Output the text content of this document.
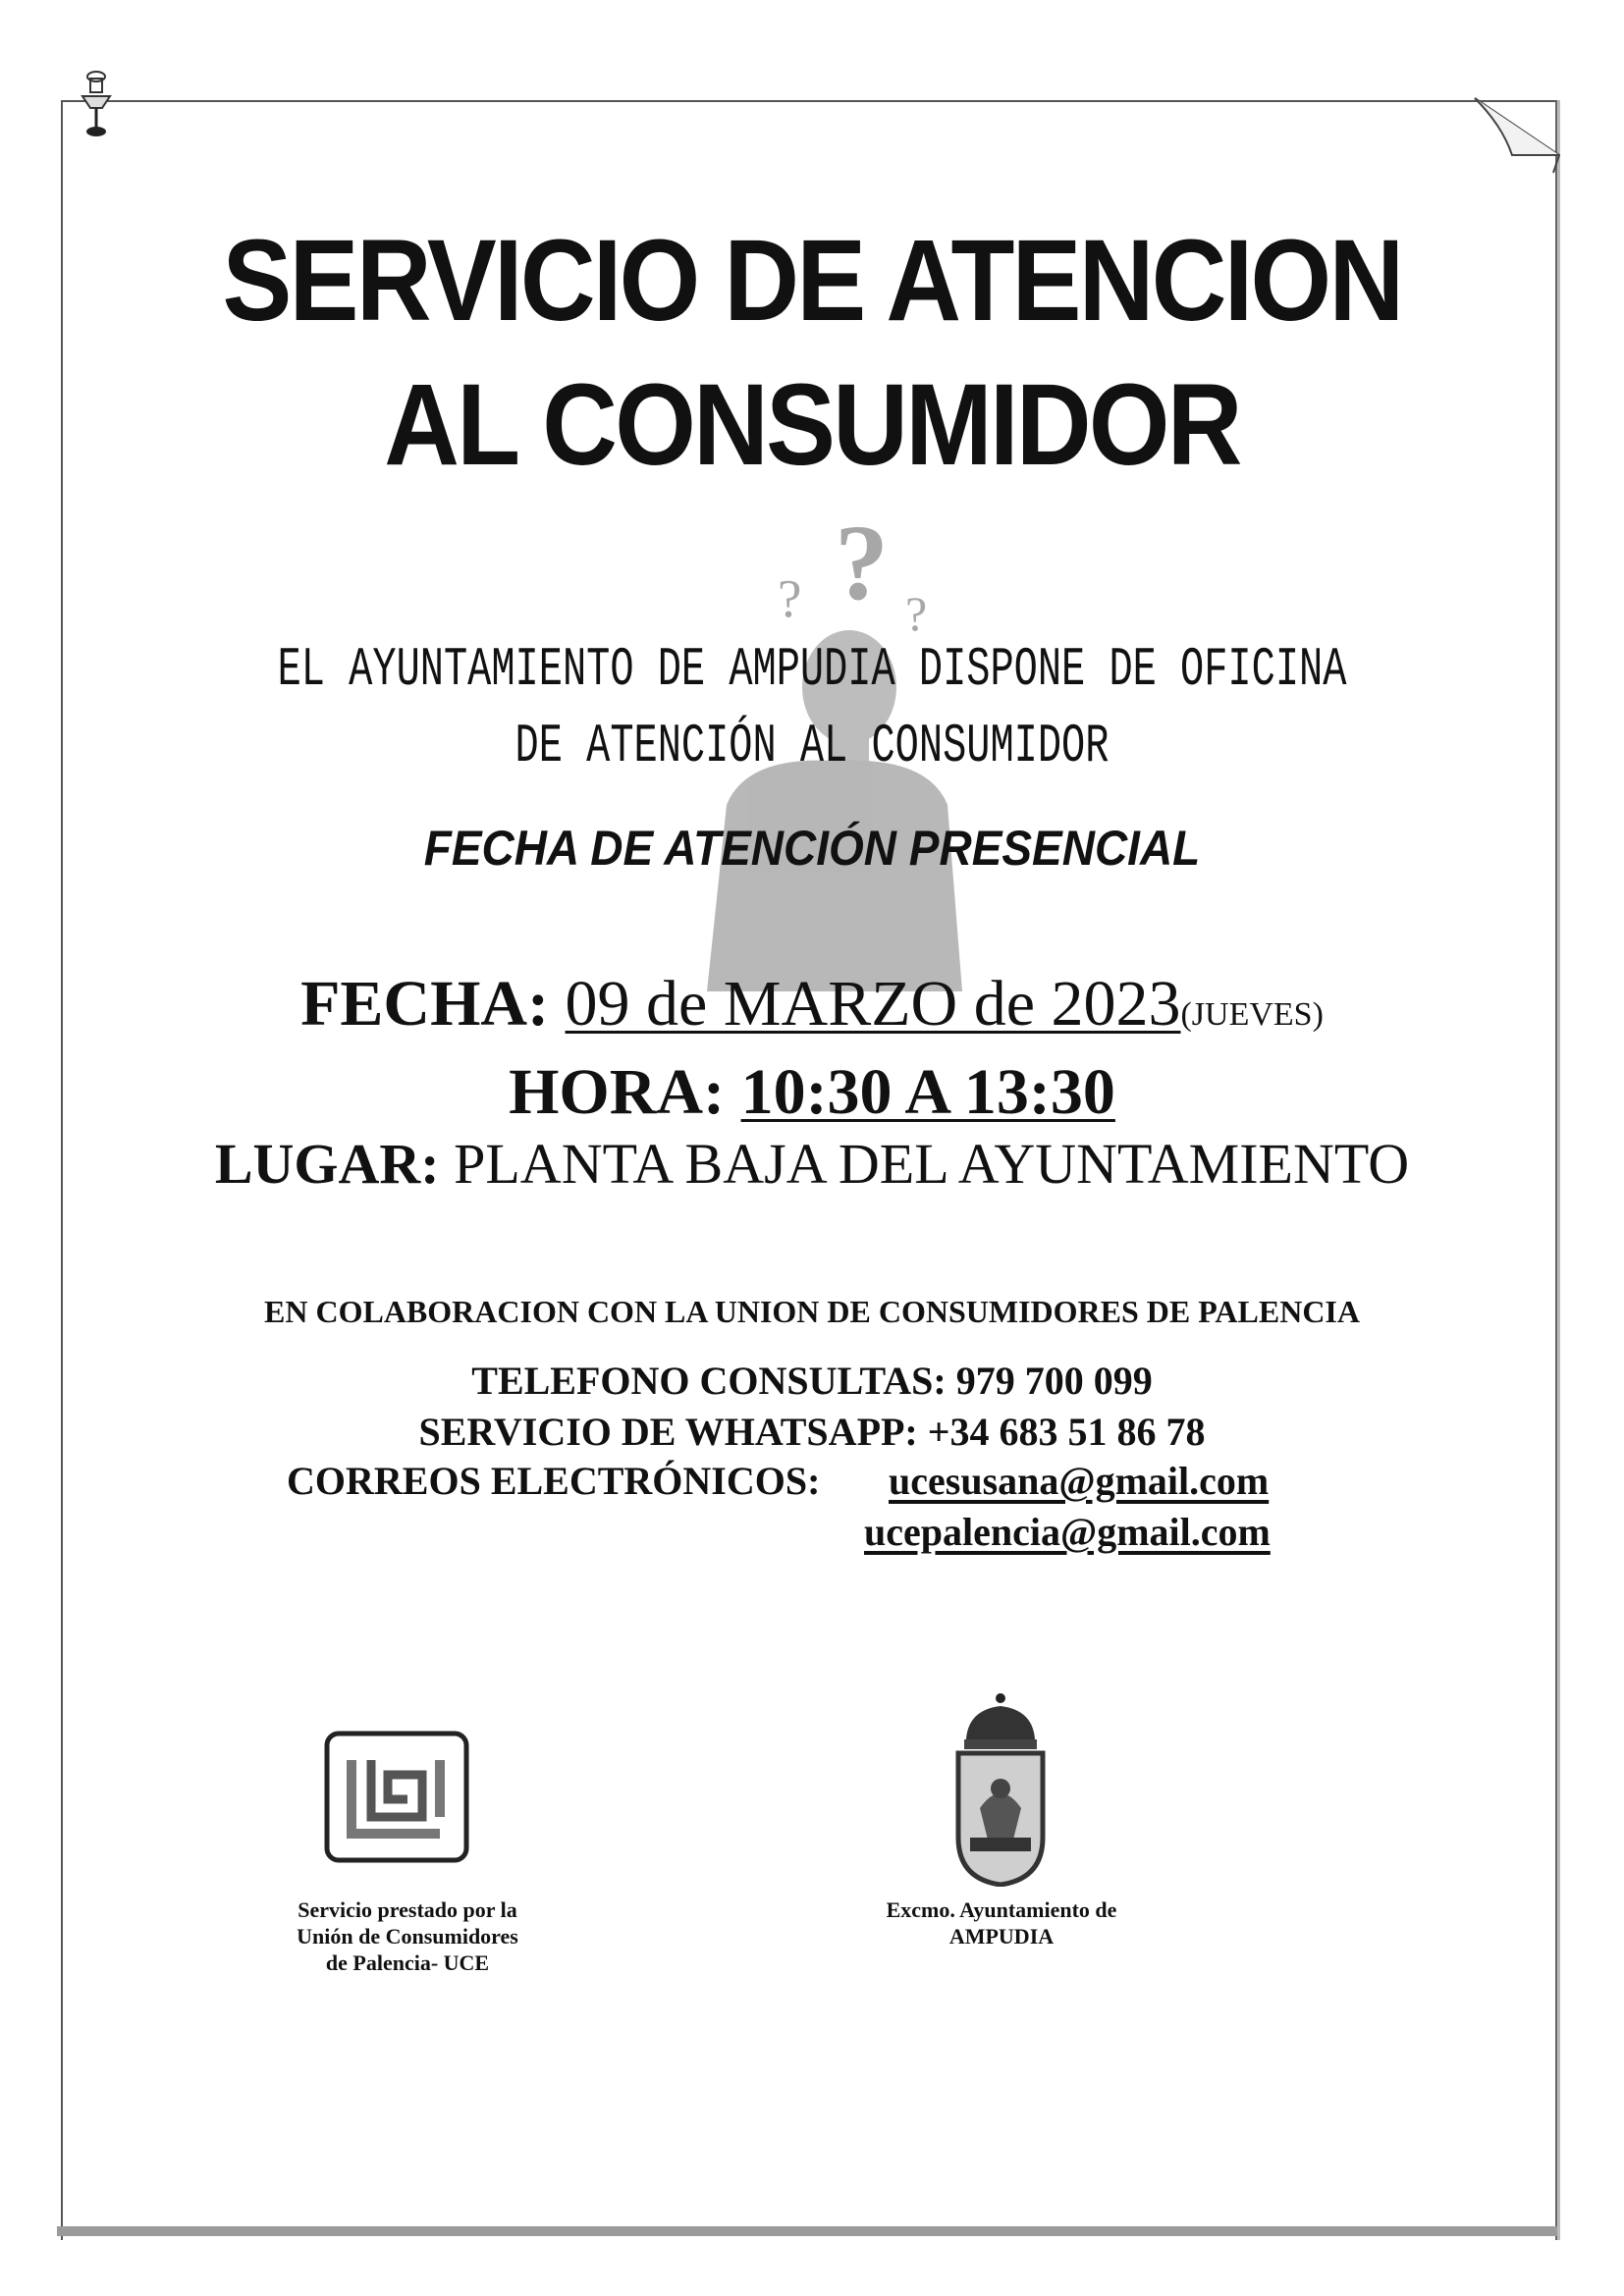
?
? ?
SERVICIO DE ATENCION
AL CONSUMIDOR
EL AYUNTAMIENTO DE AMPUDIA DISPONE DE OFICINA
DE ATENCIÓN AL CONSUMIDOR
FECHA DE ATENCIÓN PRESENCIAL
FECHA: 09 de MARZO de 2023(JUEVES)
HORA: 10:30 A 13:30
LUGAR: PLANTA BAJA DEL AYUNTAMIENTO
EN COLABORACION CON LA UNION DE CONSUMIDORES DE PALENCIA
TELEFONO CONSULTAS: 979 700 099
SERVICIO DE WHATSAPP: +34 683 51 86 78
CORREOS ELECTRÓNICOS: ucesusana@gmail.com
ucepalencia@gmail.com
Servicio prestado por la
Unión de Consumidores
de Palencia- UCE
Excmo. Ayuntamiento de
AMPUDIA
